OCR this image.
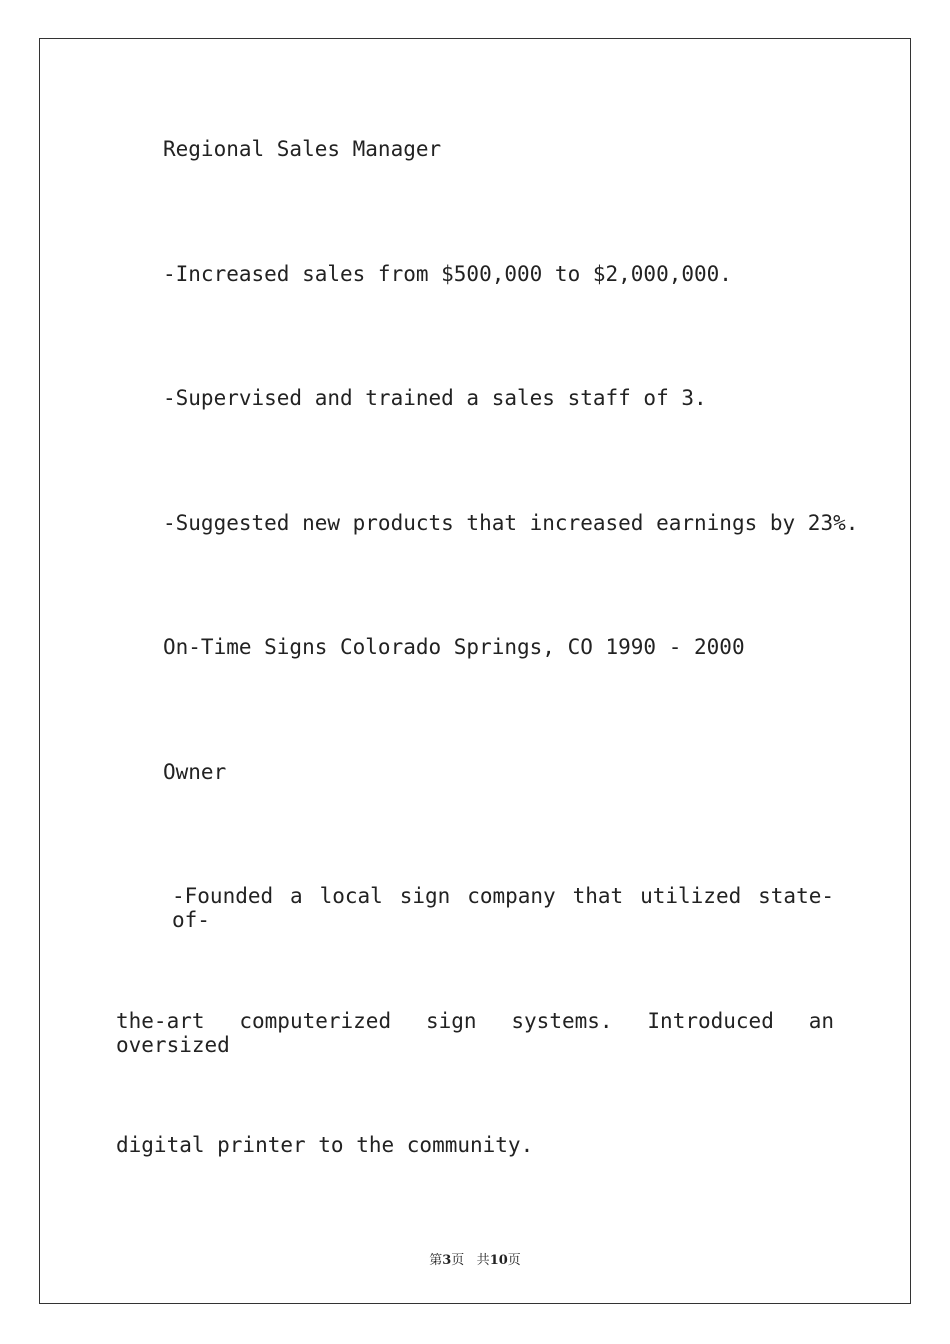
Regional Sales Manager
-Increased sales from $500,000 to $2,000,000.
-Supervised and trained a sales staff of 3.
-Suggested new products that increased earnings by 23%.
On-Time Signs Colorado Springs, CO 1990 - 2000
Owner
-Founded a local sign company that utilized state-of-
the-art computerized sign systems. Introduced an oversized
digital printer to the community.
第3页 共10页
